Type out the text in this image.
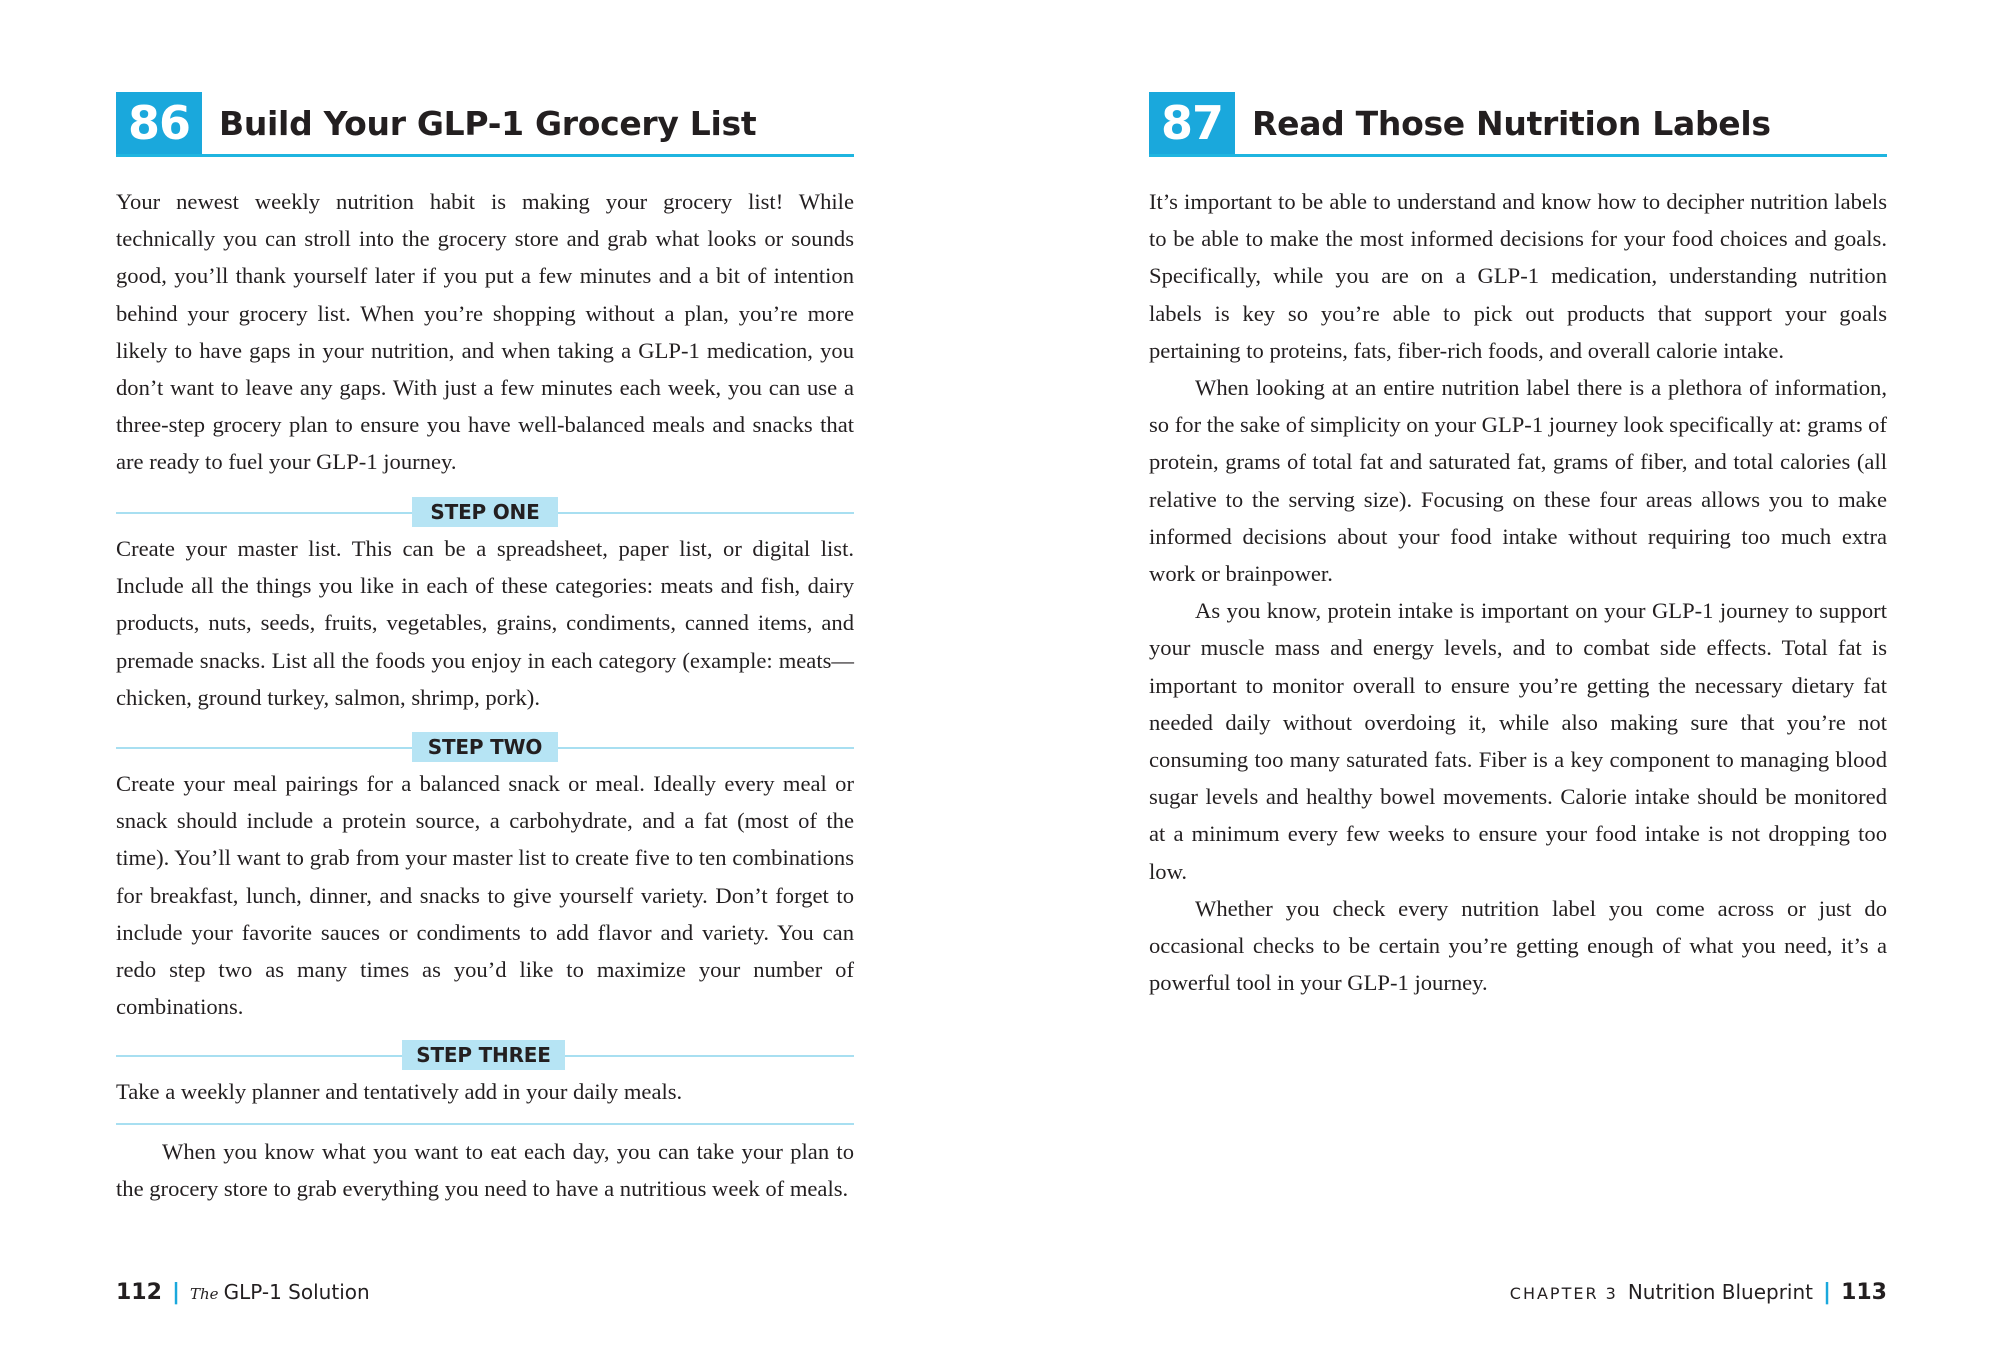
86 Build Your GLP-1 Grocery List

Your newest weekly nutrition habit is making your grocery list! While technically you can stroll into the grocery store and grab what looks or sounds good, you’ll thank yourself later if you put a few minutes and a bit of intention behind your grocery list. When you’re shopping without a plan, you’re more likely to have gaps in your nutrition, and when taking a GLP-1 medication, you don’t want to leave any gaps. With just a few minutes each week, you can use a three-step grocery plan to ensure you have well-balanced meals and snacks that are ready to fuel your GLP-1 journey.

STEP ONE

Create your master list. This can be a spreadsheet, paper list, or digital list. Include all the things you like in each of these categories: meats and fish, dairy products, nuts, seeds, fruits, vegetables, grains, condiments, canned items, and premade snacks. List all the foods you enjoy in each category (example: meats—chicken, ground turkey, salmon, shrimp, pork).

STEP TWO

Create your meal pairings for a balanced snack or meal. Ideally every meal or snack should include a protein source, a carbohydrate, and a fat (most of the time). You’ll want to grab from your master list to create five to ten combinations for breakfast, lunch, dinner, and snacks to give yourself variety. Don’t forget to include your favorite sauces or condiments to add flavor and variety. You can redo step two as many times as you’d like to maximize your number of combinations.

STEP THREE

Take a weekly planner and tentatively add in your daily meals.

When you know what you want to eat each day, you can take your plan to the grocery store to grab everything you need to have a nutritious week of meals.

112 | The GLP-1 Solution
87 Read Those Nutrition Labels

It’s important to be able to understand and know how to decipher nutrition labels to be able to make the most informed decisions for your food choices and goals. Specifically, while you are on a GLP-1 medication, understanding nutrition labels is key so you’re able to pick out products that support your goals pertaining to proteins, fats, fiber-rich foods, and overall calorie intake.

When looking at an entire nutrition label there is a plethora of information, so for the sake of simplicity on your GLP-1 journey look specifically at: grams of protein, grams of total fat and saturated fat, grams of fiber, and total calories (all relative to the serving size). Focusing on these four areas allows you to make informed decisions about your food intake without requiring too much extra work or brainpower.

As you know, protein intake is important on your GLP-1 journey to support your muscle mass and energy levels, and to combat side effects. Total fat is important to monitor overall to ensure you’re getting the necessary dietary fat needed daily without overdoing it, while also making sure that you’re not consuming too many saturated fats. Fiber is a key component to managing blood sugar levels and healthy bowel movements. Calorie intake should be monitored at a minimum every few weeks to ensure your food intake is not dropping too low.

Whether you check every nutrition label you come across or just do occasional checks to be certain you’re getting enough of what you need, it’s a powerful tool in your GLP-1 journey.

CHAPTER 3 Nutrition Blueprint | 113
